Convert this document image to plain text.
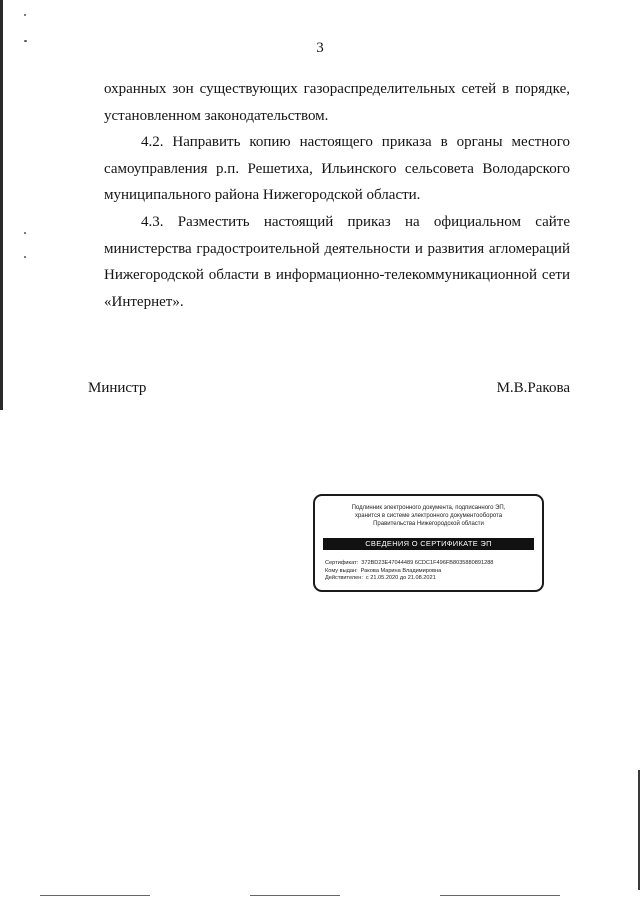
3

охранных зон существующих газораспределительных сетей в порядке,
установленном законодательством.

4.2. Направить копию настоящего приказа в органы местного
самоуправления р.п. Решетиха, Ильинского сельсовета Володарского
муниципального района Нижегородской области.

4.3. Разместить настоящий приказ на официальном сайте
министерства градостроительной деятельности и развития агломераций
Нижегородской области в информационно-телекоммуникационной сети
«Интернет».

Министр	М.В.Ракова
Подлинник электронного документа, подписанного ЭП,
хранится в системе электронного документооборота
Правительства Нижегородской области
СВЕДЕНИЯ О СЕРТИФИКАТЕ ЭП
Сертификат: 372BD23E47044489 6CDC1F496FB8035880891288
Кому выдан: Ракова Марина Владимировна
Действителен: с 21.05.2020 до 21.08.2021
